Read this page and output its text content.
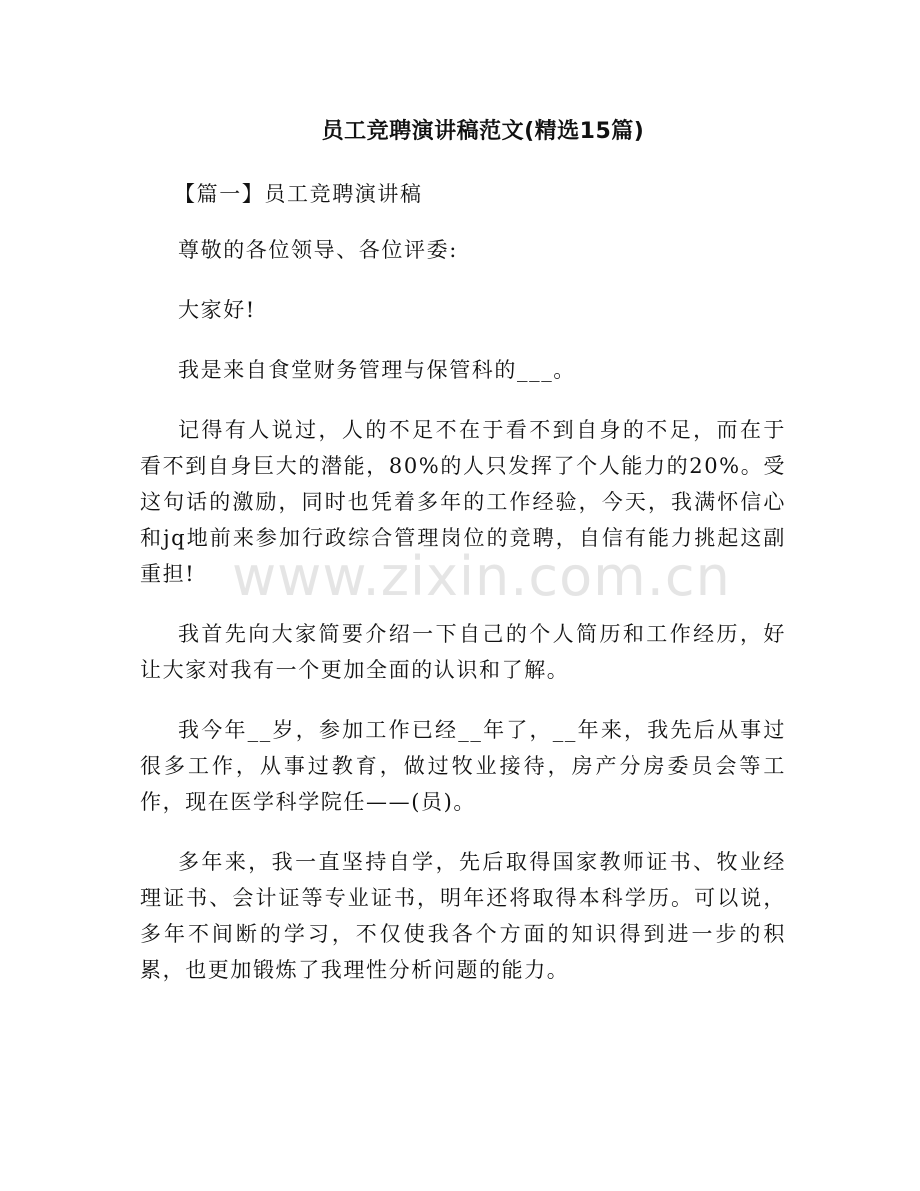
员工竞聘演讲稿范文(精选15篇)

【篇一】员工竞聘演讲稿

尊敬的各位领导、各位评委:

大家好!

我是来自食堂财务管理与保管科的___。

记得有人说过，人的不足不在于看不到自身的不足，而在于看不到自身巨大的潜能，80%的人只发挥了个人能力的20%。受这句话的激励，同时也凭着多年的工作经验，今天，我满怀信心和jq地前来参加行政综合管理岗位的竞聘，自信有能力挑起这副重担!

我首先向大家简要介绍一下自己的个人简历和工作经历，好让大家对我有一个更加全面的认识和了解。

我今年__岁，参加工作已经__年了，__年来，我先后从事过很多工作，从事过教育，做过牧业接待，房产分房委员会等工作，现在医学科学院任——(员)。

多年来，我一直坚持自学，先后取得国家教师证书、牧业经理证书、会计证等专业证书，明年还将取得本科学历。可以说，多年不间断的学习，不仅使我各个方面的知识得到进一步的积累，也更加锻炼了我理性分析问题的能力。

www.zixin.com.cn
